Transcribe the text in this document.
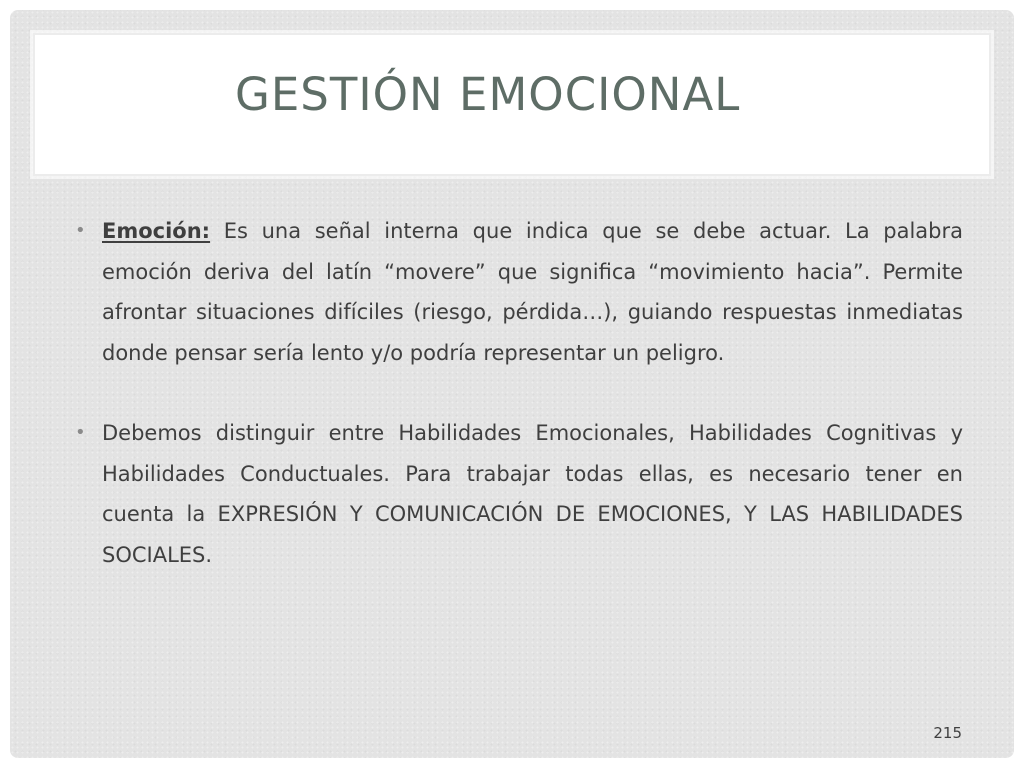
GESTIÓN EMOCIONAL
• Emoción: Es una señal interna que indica que se debe actuar. La palabra emoción deriva del latín “movere” que significa “movimiento hacia”. Permite afrontar situaciones difíciles (riesgo, pérdida…), guiando respuestas inmediatas donde pensar sería lento y/o podría representar un peligro.
• Debemos distinguir entre Habilidades Emocionales, Habilidades Cognitivas y Habilidades Conductuales. Para trabajar todas ellas, es necesario tener en cuenta la EXPRESIÓN Y COMUNICACIÓN DE EMOCIONES, Y LAS HABILIDADES SOCIALES.
215
